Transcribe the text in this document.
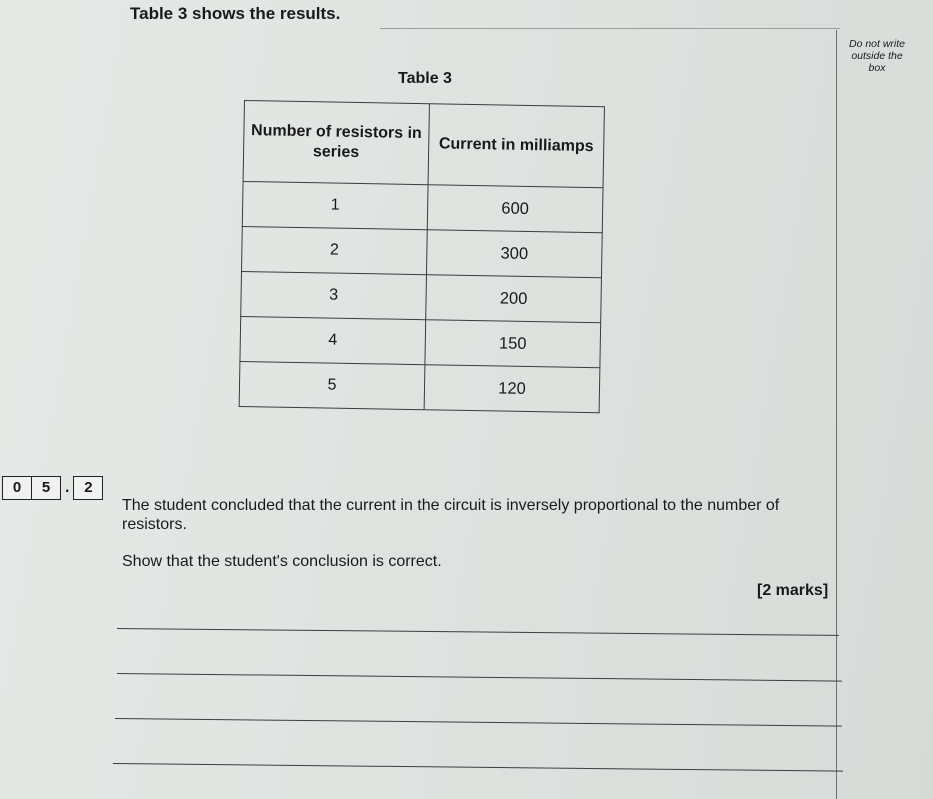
Table 3 shows the results.
Do not write
outside the
box
Table 3
Number of resistors in series	Current in milliamps
1	600
2	300
3	200
4	150
5	120
0	5 . 2
The student concluded that the current in the circuit is inversely proportional to the number of resistors.
Show that the student's conclusion is correct.
[2 marks]
